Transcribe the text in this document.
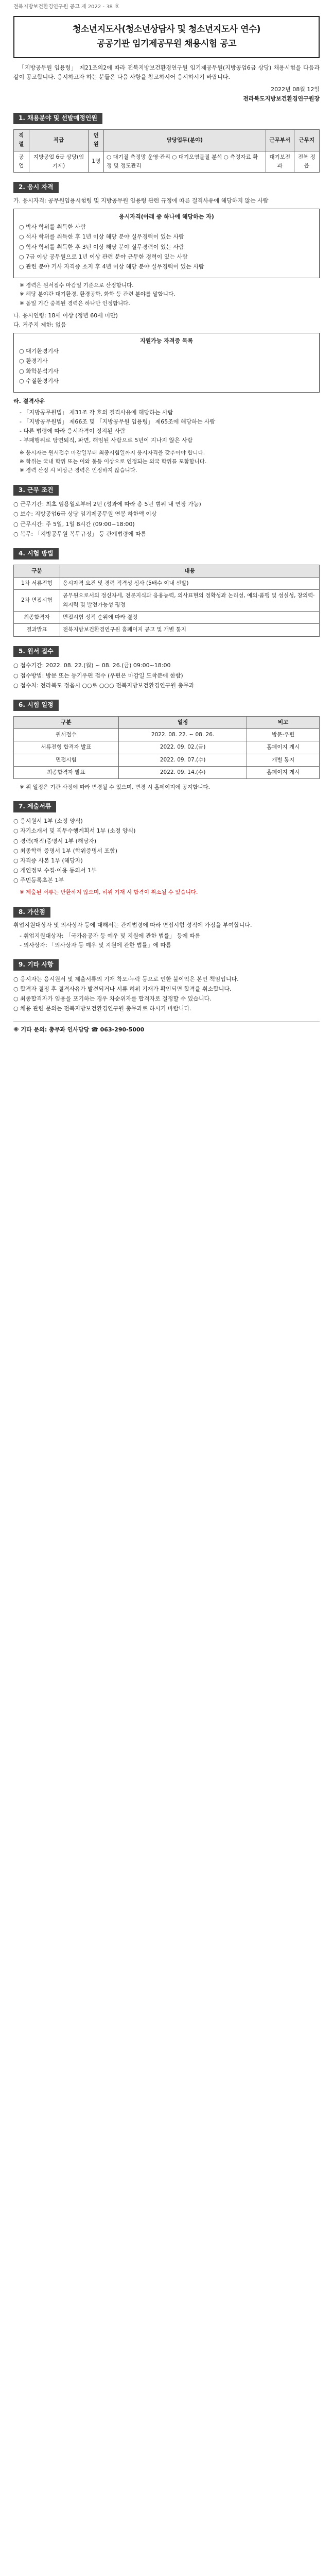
전북지방보건환경연구원 공고 제 2022 - 38 호
청소년지도사(청소년상담사 및 청소년지도사 연수)
공공기관 임기제공무원 채용시험 공고

「지방공무원 임용령」 제21조의2에 따라 전북지방보건환경연구원 임기제공무원(지방공업6급 상당) 채용시험을 다음과 같이 공고합니다. 응시하고자 하는 분들은 다음 사항을 참고하시어 응시하시기 바랍니다.

2022년 08월 12일
전라북도지방보건환경연구원장
1. 채용분야 및 선발예정인원
직렬	직급	인원	담당업무(분야)	근무부서	근무지
공업	지방공업 6급 상당(임기제)	1명	○ 대기질 측정망 운영·관리 ○ 대기오염물질 분석 ○ 측정자료 확정 및 정도관리	대기보전과	전북 정읍
2. 응시 자격
가. 응시자격: 공무원임용시험령 및 지방공무원 임용령 관련 규정에 따른 결격사유에 해당하지 않는 사람
응시자격(아래 중 하나에 해당하는 자)
○ 박사 학위를 취득한 사람
○ 석사 학위를 취득한 후 1년 이상 해당 분야 실무경력이 있는 사람
○ 학사 학위를 취득한 후 3년 이상 해당 분야 실무경력이 있는 사람
○ 7급 이상 공무원으로 1년 이상 관련 분야 근무한 경력이 있는 사람
○ 관련 분야 기사 자격증 소지 후 4년 이상 해당 분야 실무경력이 있는 사람
※ 경력은 원서접수 마감일 기준으로 산정합니다.
※ 해당 분야란 대기환경, 환경공학, 화학 등 관련 분야를 말합니다.
※ 동일 기간 중복된 경력은 하나만 인정합니다.
나. 응시연령: 18세 이상 (정년 60세 미만)
다. 거주지 제한: 없음
지원가능 자격증 목록
○ 대기환경기사
○ 환경기사
○ 화학분석기사
○ 수질환경기사
라. 결격사유
- 「지방공무원법」 제31조 각 호의 결격사유에 해당하는 사람
- 「지방공무원법」 제66조 및 「지방공무원 임용령」 제65조에 해당하는 사람
- 다른 법령에 따라 응시자격이 정지된 사람
- 부패행위로 당연퇴직, 파면, 해임된 사람으로 5년이 지나지 않은 사람
※ 응시자는 원서접수 마감일부터 최종시험일까지 응시자격을 갖추어야 합니다.
※ 학위는 국내 학위 또는 이와 동등 이상으로 인정되는 외국 학위를 포함합니다.
※ 경력 산정 시 비상근 경력은 인정하지 않습니다.
3. 근무 조건
○ 근무기간: 최초 임용일로부터 2년 (성과에 따라 총 5년 범위 내 연장 가능)
○ 보수: 지방공업6급 상당 임기제공무원 연봉 하한액 이상
○ 근무시간: 주 5일, 1일 8시간 (09:00~18:00)
○ 복무: 「지방공무원 복무규정」 등 관계법령에 따름
4. 시험 방법
구분	내용
1차 서류전형	응시자격 요건 및 경력 적격성 심사 (5배수 이내 선발)
2차 면접시험	공무원으로서의 정신자세, 전문지식과 응용능력, 의사표현의 정확성과 논리성, 예의·품행 및 성실성, 창의력·의지력 및 발전가능성 평정
최종합격자	면접시험 성적 순위에 따라 결정
결과발표	전북지방보건환경연구원 홈페이지 공고 및 개별 통지
5. 원서 접수
○ 접수기간: 2022. 08. 22.(월) ~ 08. 26.(금) 09:00~18:00
○ 접수방법: 방문 또는 등기우편 접수 (우편은 마감일 도착분에 한함)
○ 접수처: 전라북도 정읍시 ○○로 ○○○ 전북지방보건환경연구원 총무과
6. 시험 일정
구분	일정	비고
원서접수	2022. 08. 22. ~ 08. 26.	방문·우편
서류전형 합격자 발표	2022. 09. 02.(금)	홈페이지 게시
면접시험	2022. 09. 07.(수)	개별 통지
최종합격자 발표	2022. 09. 14.(수)	홈페이지 게시
※ 위 일정은 기관 사정에 따라 변경될 수 있으며, 변경 시 홈페이지에 공지합니다.
7. 제출서류
○ 응시원서 1부 (소정 양식)
○ 자기소개서 및 직무수행계획서 1부 (소정 양식)
○ 경력(재직)증명서 1부 (해당자)
○ 최종학력 증명서 1부 (학위증명서 포함)
○ 자격증 사본 1부 (해당자)
○ 개인정보 수집·이용 동의서 1부
○ 주민등록초본 1부
※ 제출된 서류는 반환하지 않으며, 허위 기재 시 합격이 취소될 수 있습니다.
8. 가산점
취업지원대상자 및 의사상자 등에 대해서는 관계법령에 따라 면접시험 성적에 가점을 부여합니다.
- 취업지원대상자: 「국가유공자 등 예우 및 지원에 관한 법률」 등에 따름
- 의사상자: 「의사상자 등 예우 및 지원에 관한 법률」에 따름
9. 기타 사항
○ 응시자는 응시원서 및 제출서류의 기재 착오·누락 등으로 인한 불이익은 본인 책임입니다.
○ 합격자 결정 후 결격사유가 발견되거나 서류 허위 기재가 확인되면 합격을 취소합니다.
○ 최종합격자가 임용을 포기하는 경우 차순위자를 합격자로 결정할 수 있습니다.
○ 채용 관련 문의는 전북지방보건환경연구원 총무과로 하시기 바랍니다.
※ 기타 문의: 총무과 인사담당 ☎ 063-290-5000
